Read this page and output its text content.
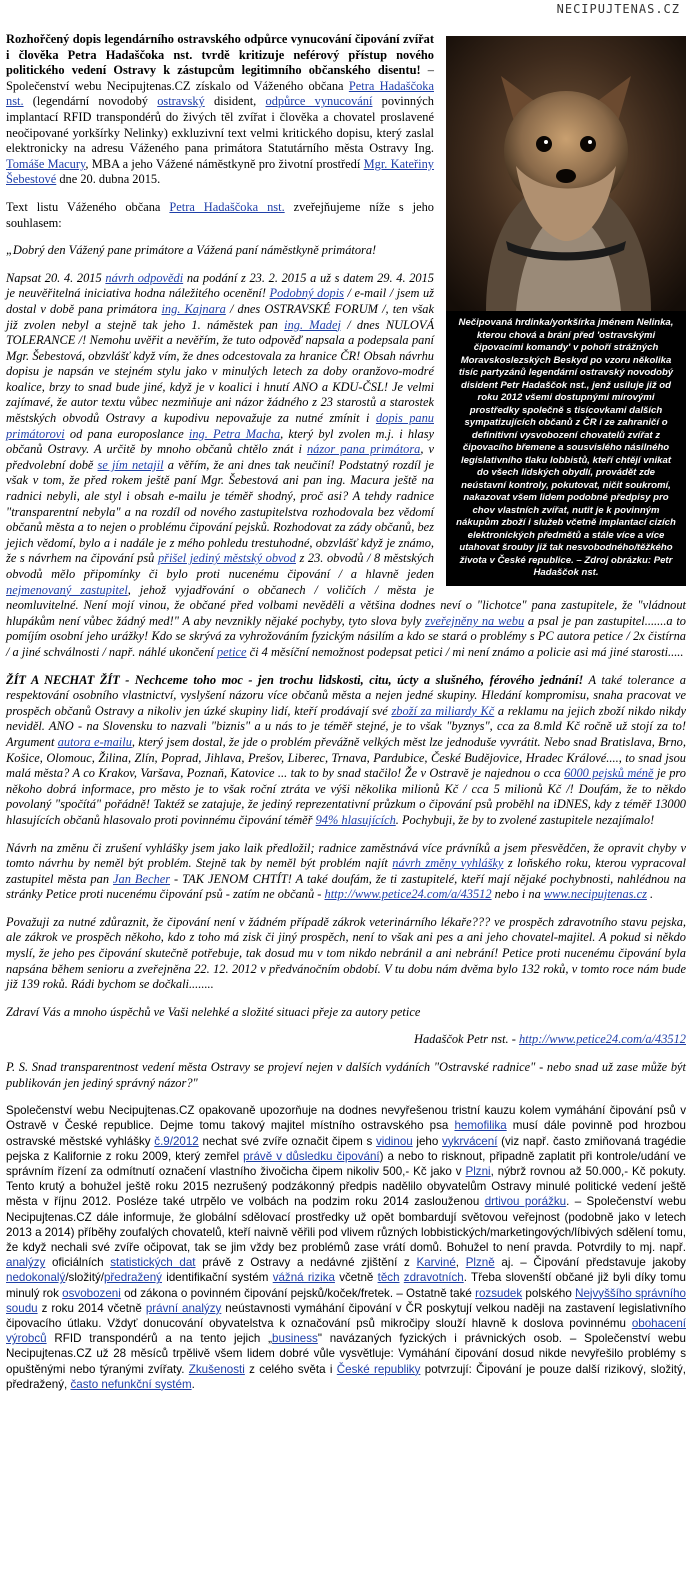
NECIPUJTENAS.CZ
Nečipovaná hrdinka/yorkšírka jménem Nelinka, kterou chová a brání před 'ostravskými čipovacími komandy' v pohoří strážných Moravskoslezských Beskyd po vzoru několika tisíc partyzánů legendární ostravský novodobý disident Petr Hadaščok nst., jenž usiluje již od roku 2012 všemi dostupnými mírovými prostředky společně s tisícovkami dalších sympatizujících občanů z ČR i ze zahraničí o definitivní vysvobození chovatelů zvířat z čipovacího břemene a sousvislého násilného legislativního tlaku lobbistů, kteří chtějí vnikat do všech lidských obydlí, provádět zde neústavní kontroly, pokutovat, ničit soukromí, nakazovat všem lidem podobné předpisy pro chov vlastních zvířat, nutit je k povinným nákupům zboží i služeb včetně implantací cizích elektronických předmětů a stále více a více utahovat šrouby již tak nesvobodného/těžkého života v České republice. – Zdroj obrázku: Petr Hadaščok nst.

Rozhořčený dopis legendárního ostravského odpůrce vynucování čipování zvířat i člověka Petra Hadaščoka nst. tvrdě kritizuje neférový přístup nového politického vedení Ostravy k zástupcům legitimního občanského disentu! – Společenství webu Necipujtenas.CZ získalo od Váženého občana Petra Hadaščoka nst. (legendární novodobý ostravský disident, odpůrce vynucování povinných implantací RFID transpondérů do živých těl zvířat i člověka a chovatel proslavené neočipované yorkšírky Nelinky) exkluzivní text velmi kritického dopisu, který zaslal elektronicky na adresu Váženého pana primátora Statutárního města Ostravy Ing. Tomáše Macury, MBA a jeho Vážené náměstkyně pro životní prostředí Mgr. Kateřiny Šebestové dne 20. dubna 2015.

Text listu Váženého občana Petra Hadaščoka nst. zveřejňujeme níže s jeho souhlasem:

„Dobrý den Vážený pane primátore a Vážená paní náměstkyně primátora!

Napsat 20. 4. 2015 návrh odpovědi na podání z 23. 2. 2015 a už s datem 29. 4. 2015 je neuvěřitelná iniciativa hodna náležitého ocenění! Podobný dopis / e-mail / jsem už dostal v době pana primátora ing. Kajnara / dnes OSTRAVSKÉ FORUM /, ten však již zvolen nebyl a stejně tak jeho 1. náměstek pan ing. Madej / dnes NULOVÁ TOLERANCE /! Nemohu uvěřit a nevěřím, že tuto odpověď napsala a podepsala paní Mgr. Šebestová, obzvlášť když vím, že dnes odcestovala za hranice ČR! Obsah návrhu dopisu je napsán ve stejném stylu jako v minulých letech za doby oranžovo-modré koalice, brzy to snad bude jiné, když je v koalici i hnutí ANO a KDU-ČSL! Je velmi zajímavé, že autor textu vůbec nezmiňuje ani názor žádného z 23 starostů a starostek městských obvodů Ostravy a kupodivu nepovažuje za nutné zmínit i dopis panu primátorovi od pana europoslance ing. Petra Macha, který byl zvolen m.j. i hlasy občanů Ostravy. A určitě by mnoho občanů chtělo znát i názor pana primátora, v předvolební době se jím netajil a věřím, že ani dnes tak neučiní! Podstatný rozdíl je však v tom, že před rokem ještě paní Mgr. Šebestová ani pan ing. Macura ještě na radnici nebyli, ale styl i obsah e-mailu je téměř shodný, proč asi? A tehdy radnice "transparentní nebyla" a na rozdíl od nového zastupitelstva rozhodovala bez vědomí občanů města a to nejen o problému čipování pejsků. Rozhodovat za zády občanů, bez jejich vědomí, bylo a i nadále je z mého pohledu trestuhodné, obzvlášť když je známo, že s návrhem na čipování psů přišel jediný městský obvod z 23. obvodů / 8 městských obvodů mělo připomínky či bylo proti nucenému čipování / a hlavně jeden nejmenovaný zastupitel, jehož vyjadřování o občanech / voličích / města je neomluvitelné. Není mojí vinou, že občané před volbami nevěděli a většina dodnes neví o "lichotce" pana zastupitele, že "vládnout hlupákům není vůbec žádný med!" A aby nevznikly nějaké pochyby, tyto slova byly zveřejněny na webu a psal je pan zastupitel.......a to pomíjím osobní jeho urážky! Kdo se skrývá za vyhrožováním fyzickým násilím a kdo se stará o problémy s PC autora petice / 2x čistírna / a jiné schválnosti / např. náhlé ukončení petice či 4 měsíční nemožnost podepsat petici / mi není známo a policie asi má jiné starosti.....

ŽÍT A NECHAT ŽÍT - Nechceme toho moc - jen trochu lidskosti, citu, úcty a slušného, férového jednání! A také tolerance a respektování osobního vlastnictví, vyslyšení názoru více občanů města a nejen jedné skupiny. Hledání kompromisu, snaha pracovat ve prospěch občanů Ostravy a nikoliv jen úzké skupiny lidí, kteří prodávají své zboží za miliardy Kč a reklamu na jejich zboží nikdo nikdy neviděl. ANO - na Slovensku to nazvali "biznis" a u nás to je téměř stejné, je to však "byznys", cca za 8.mld Kč ročně už stojí za to! Argument autora e-mailu, který jsem dostal, že jde o problém převážně velkých měst lze jednoduše vyvrátit. Nebo snad Bratislava, Brno, Košice, Olomouc, Žilina, Zlín, Poprad, Jihlava, Prešov, Liberec, Trnava, Pardubice, České Budějovice, Hradec Králové...., to snad jsou malá města? A co Krakov, Varšava, Poznaň, Katovice ... tak to by snad stačilo! Že v Ostravě je najednou o cca 6000 pejsků méně je pro někoho dobrá informace, pro město je to však roční ztráta ve výši několika milionů Kč / cca 5 milionů Kč /! Doufám, že to někdo povolaný "spočítá" pořádně! Taktéž se zatajuje, že jediný reprezentativní průzkum o čipování psů proběhl na iDNES, kdy z téměř 13000 hlasujících občanů hlasovalo proti povinnému čipování téměř 94% hlasujících. Pochybuji, že by to zvolené zastupitele nezajímalo!

Návrh na změnu či zrušení vyhlášky jsem jako laik předložil; radnice zaměstnává více právníků a jsem přesvědčen, že opravit chyby v tomto návrhu by neměl být problém. Stejně tak by neměl být problém najít návrh změny vyhlášky z loňského roku, kterou vypracoval zastupitel města pan Jan Becher - TAK JENOM CHTÍT! A také doufám, že ti zastupitelé, kteří mají nějaké pochybnosti, nahlédnou na stránky Petice proti nucenému čipování psů - zatím ne občanů - http://www.petice24.com/a/43512 nebo i na www.necipujtenas.cz .

Považuji za nutné zdůraznit, že čipování není v žádném případě zákrok veterinárního lékaře??? ve prospěch zdravotního stavu pejska, ale zákrok ve prospěch někoho, kdo z toho má zisk či jiný prospěch, není to však ani pes a ani jeho chovatel-majitel. A pokud si někdo myslí, že jeho pes čipování skutečně potřebuje, tak dosud mu v tom nikdo nebránil a ani nebrání! Petice proti nucenému čipování byla napsána během senioru a zveřejněna 22. 12. 2012 v předvánočním období. V tu dobu nám dvěma bylo 132 roků, v tomto roce nám bude již 139 roků. Rádi bychom se dočkali........

Zdraví Vás a mnoho úspěchů ve Vaši nelehké a složité situaci přeje za autory petice

Hadaščok Petr nst. - http://www.petice24.com/a/43512

P. S. Snad transparentnost vedení města Ostravy se projeví nejen v dalších vydáních "Ostravské radnice" - nebo snad už zase může být publikován jen jediný správný názor?"

Společenství webu Necipujtenas.CZ opakovaně upozorňuje na dodnes nevyřešenou tristní kauzu kolem vymáhání čipování psů v Ostravě v České republice. Dejme tomu takový majitel místního ostravského psa hemofilika musí dále povinně pod hrozbou ostravské městské vyhlášky č.9/2012 nechat své zvíře označit čipem s vidinou jeho vykrvácení (viz např. často zmiňovaná tragédie pejska z Kalifornie z roku 2009, který zemřel právě v důsledku čipování) a nebo to risknout, připadně zaplatit při kontrole/udání ve správním řízení za odmítnutí označení vlastního živočicha čipem nikoliv 500,- Kč jako v Plzni, nýbrž rovnou až 50.000,- Kč pokuty. Tento krutý a bohužel ještě roku 2015 nezrušený podzákonný předpis nadělilo obyvatelům Ostravy minulé politické vedení ještě města v říjnu 2012. Posléze také utrpělo ve volbách na podzim roku 2014 zaslouženou drtivou porážku. – Společenství webu Necipujtenas.CZ dále informuje, že globální sdělovací prostředky už opět bombardují světovou veřejnost (podobně jako v letech 2013 a 2014) příběhy zoufalých chovatelů, kteří naivně věřili pod vlivem různých lobbistických/marketingových/líbivých sdělení tomu, že když nechali své zvíře očipovat, tak se jim vždy bez problémů zase vrátí domů. Bohužel to není pravda. Potvrdily to mj. např. analýzy oficiálních statistických dat právě z Ostravy a nedávné zjištění z Karviné, Plzně aj. – Čipování představuje jakoby nedokonalý/složitý/předražený identifikační systém vážná rizika včetně těch zdravotních. Třeba slovenští občané již byli díky tomu minulý rok osvobozeni od zákona o povinném čipování pejsků/koček/fretek. – Ostatně také rozsudek polského Nejvyššího správního soudu z roku 2014 včetně právní analýzy neústavnosti vymáhání čipování v ČR poskytují velkou naději na zastavení legislativního čipovacího útlaku. Vždyť donucování obyvatelstva k označování psů mikročipy slouží hlavně k doslova povinnému obohacení výrobců RFID transpondérů a na tento jejich „business" navázaných fyzických i právnických osob. – Společenství webu Necipujtenas.CZ už 28 měsíců trpělivě všem lidem dobré vůle vysvětluje: Vymáhání čipování dosud nikde nevyřešilo problémy s opuštěnými nebo týranými zvířaty. Zkušenosti z celého světa i České republiky potvrzují: Čipování je pouze další rizikový, složitý, předražený, často nefunkční systém.
